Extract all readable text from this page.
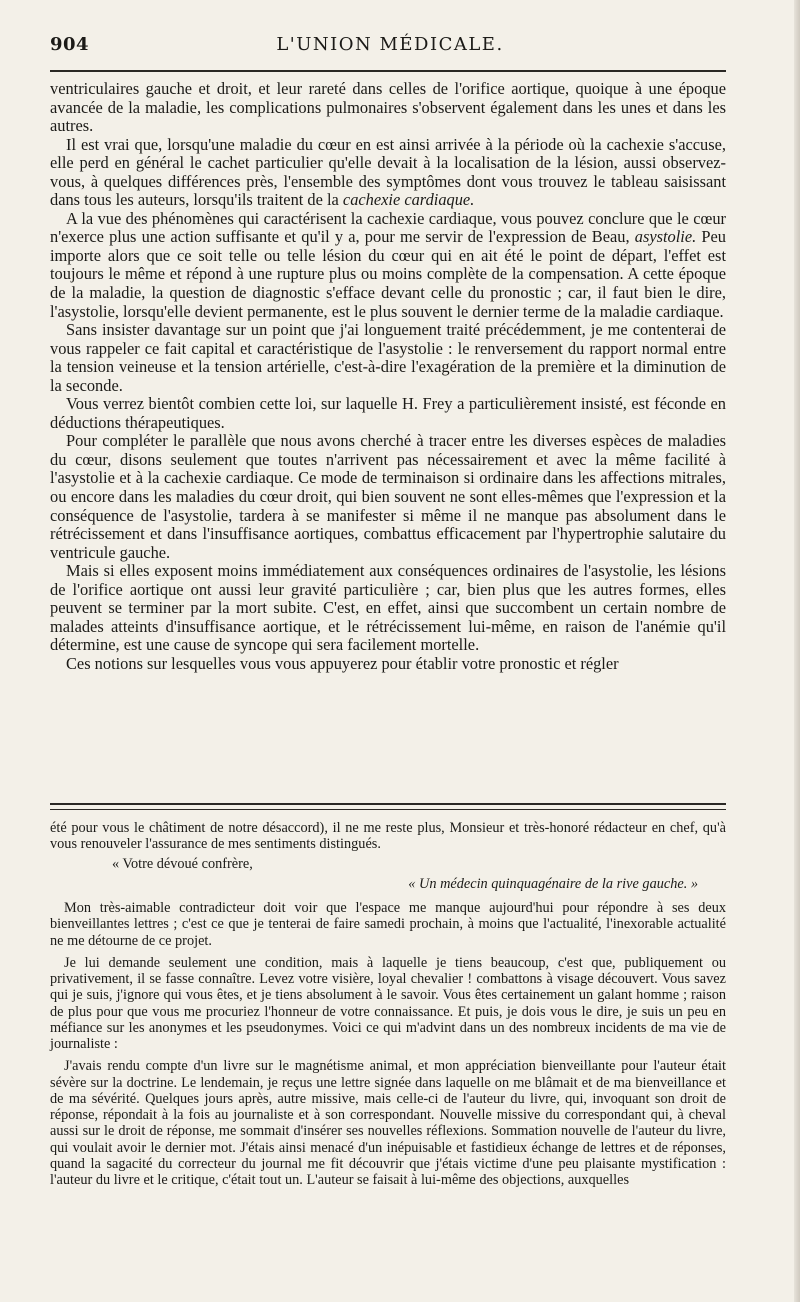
904	L'UNION MÉDICALE.

ventriculaires gauche et droit, et leur rareté dans celles de l'orifice aortique, quoique à une époque avancée de la maladie, les complications pulmonaires s'observent également dans les unes et dans les autres.

Il est vrai que, lorsqu'une maladie du cœur en est ainsi arrivée à la période où la cachexie s'accuse, elle perd en général le cachet particulier qu'elle devait à la localisation de la lésion, aussi observez-vous, à quelques différences près, l'ensemble des symptômes dont vous trouvez le tableau saisissant dans tous les auteurs, lorsqu'ils traitent de la cachexie cardiaque.

A la vue des phénomènes qui caractérisent la cachexie cardiaque, vous pouvez conclure que le cœur n'exerce plus une action suffisante et qu'il y a, pour me servir de l'expression de Beau, asystolie. Peu importe alors que ce soit telle ou telle lésion du cœur qui en ait été le point de départ, l'effet est toujours le même et répond à une rupture plus ou moins complète de la compensation. A cette époque de la maladie, la question de diagnostic s'efface devant celle du pronostic ; car, il faut bien le dire, l'asystolie, lorsqu'elle devient permanente, est le plus souvent le dernier terme de la maladie cardiaque.

Sans insister davantage sur un point que j'ai longuement traité précédemment, je me contenterai de vous rappeler ce fait capital et caractéristique de l'asystolie : le renversement du rapport normal entre la tension veineuse et la tension artérielle, c'est-à-dire l'exagération de la première et la diminution de la seconde.

Vous verrez bientôt combien cette loi, sur laquelle H. Frey a particulièrement insisté, est féconde en déductions thérapeutiques.

Pour compléter le parallèle que nous avons cherché à tracer entre les diverses espèces de maladies du cœur, disons seulement que toutes n'arrivent pas nécessairement et avec la même facilité à l'asystolie et à la cachexie cardiaque. Ce mode de terminaison si ordinaire dans les affections mitrales, ou encore dans les maladies du cœur droit, qui bien souvent ne sont elles-mêmes que l'expression et la conséquence de l'asystolie, tardera à se manifester si même il ne manque pas absolument dans le rétrécissement et dans l'insuffisance aortiques, combattus efficacement par l'hypertrophie salutaire du ventricule gauche.

Mais si elles exposent moins immédiatement aux conséquences ordinaires de l'asystolie, les lésions de l'orifice aortique ont aussi leur gravité particulière ; car, bien plus que les autres formes, elles peuvent se terminer par la mort subite. C'est, en effet, ainsi que succombent un certain nombre de malades atteints d'insuffisance aortique, et le rétrécissement lui-même, en raison de l'anémie qu'il détermine, est une cause de syncope qui sera facilement mortelle.

Ces notions sur lesquelles vous vous appuyerez pour établir votre pronostic et régler

été pour vous le châtiment de notre désaccord), il ne me reste plus, Monsieur et très-honoré rédacteur en chef, qu'à vous renouveler l'assurance de mes sentiments distingués.

« Votre dévoué confrère,

« Un médecin quinquagénaire de la rive gauche. »

Mon très-aimable contradicteur doit voir que l'espace me manque aujourd'hui pour répondre à ses deux bienveillantes lettres ; c'est ce que je tenterai de faire samedi prochain, à moins que l'actualité, l'inexorable actualité ne me détourne de ce projet.

Je lui demande seulement une condition, mais à laquelle je tiens beaucoup, c'est que, publiquement ou privativement, il se fasse connaître. Levez votre visière, loyal chevalier ! combattons à visage découvert. Vous savez qui je suis, j'ignore qui vous êtes, et je tiens absolument à le savoir. Vous êtes certainement un galant homme ; raison de plus pour que vous me procuriez l'honneur de votre connaissance. Et puis, je dois vous le dire, je suis un peu en méfiance sur les anonymes et les pseudonymes. Voici ce qui m'advint dans un des nombreux incidents de ma vie de journaliste :

J'avais rendu compte d'un livre sur le magnétisme animal, et mon appréciation bienveillante pour l'auteur était sévère sur la doctrine. Le lendemain, je reçus une lettre signée dans laquelle on me blâmait et de ma bienveillance et de ma sévérité. Quelques jours après, autre missive, mais celle-ci de l'auteur du livre, qui, invoquant son droit de réponse, répondait à la fois au journaliste et à son correspondant. Nouvelle missive du correspondant qui, à cheval aussi sur le droit de réponse, me sommait d'insérer ses nouvelles réflexions. Sommation nouvelle de l'auteur du livre, qui voulait avoir le dernier mot. J'étais ainsi menacé d'un inépuisable et fastidieux échange de lettres et de réponses, quand la sagacité du correcteur du journal me fit découvrir que j'étais victime d'une peu plaisante mystification : l'auteur du livre et le critique, c'était tout un. L'auteur se faisait à lui-même des objections, auxquelles
